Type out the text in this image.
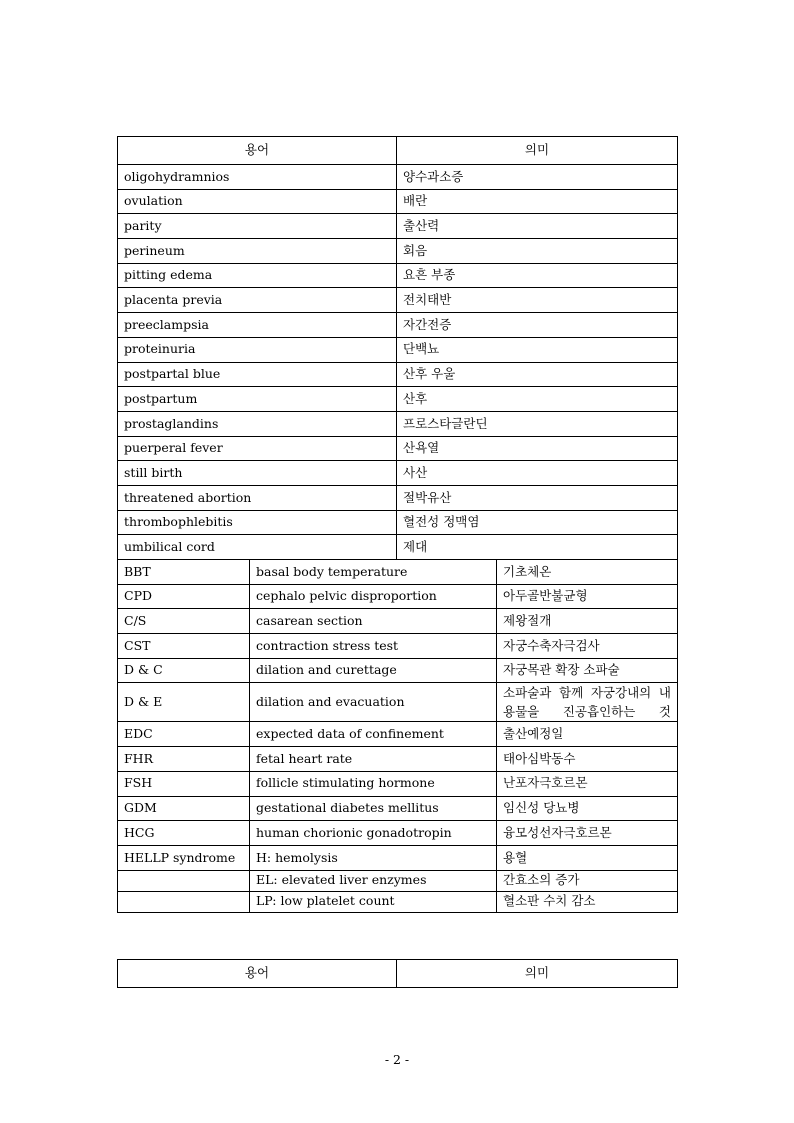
용어		의미	
oligohydramnios		양수과소증	
ovulation		배란	
parity		출산력	
perineum		회음	
pitting edema		요흔 부종	
placenta previa		전치태반	
preeclampsia		자간전증	
proteinuria		단백뇨	
postpartal blue		산후 우울	
postpartum		산후	
prostaglandins		프로스타글란딘	
puerperal fever		산욕열	
still birth		사산	
threatened abortion		절박유산	
thrombophlebitis		혈전성 정맥염	
umbilical cord		제대	
BBT	basal body temperature		기초체온
CPD	cephalo pelvic disproportion		아두골반불균형
C/S	casarean section		제왕절개
CST	contraction stress test		자궁수축자극검사
D & C	dilation and curettage		자궁목관 확장 소파술
D & E	dilation and evacuation		소파술과 함께 자궁강내의 내용물을 진공흡인하는 것
EDC	expected data of confinement		출산예정일
FHR	fetal heart rate		태아심박동수
FSH	follicle stimulating hormone		난포자극호르몬
GDM	gestational diabetes mellitus		임신성 당뇨병
HCG	human chorionic gonadotropin		융모성선자극호르몬
HELLP syndrome	H: hemolysis		용혈
	EL: elevated liver enzymes		간효소의 증가
	LP: low platelet count		혈소판 수치 감소
용어	의미
- 2 -
